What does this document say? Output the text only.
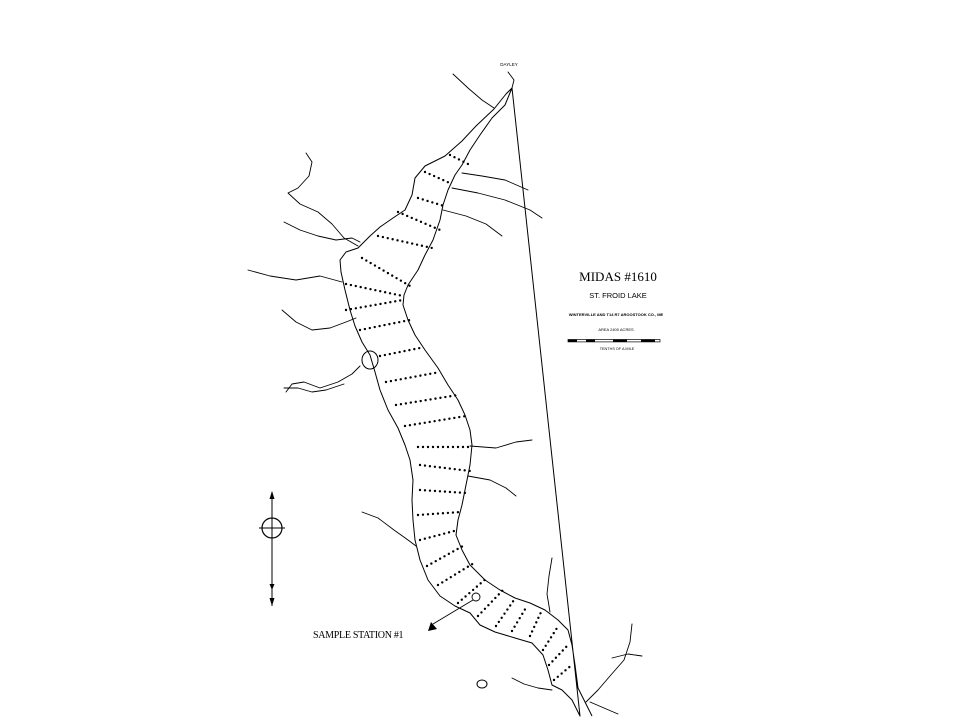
DAYLEY
MIDAS #1610
ST. FROID LAKE
WINTERVILLE AND T14 R7 AROOSTOOK CO., ME
AREA 2400 ACRES
TENTHS OF A MILE
SAMPLE STATION #1
